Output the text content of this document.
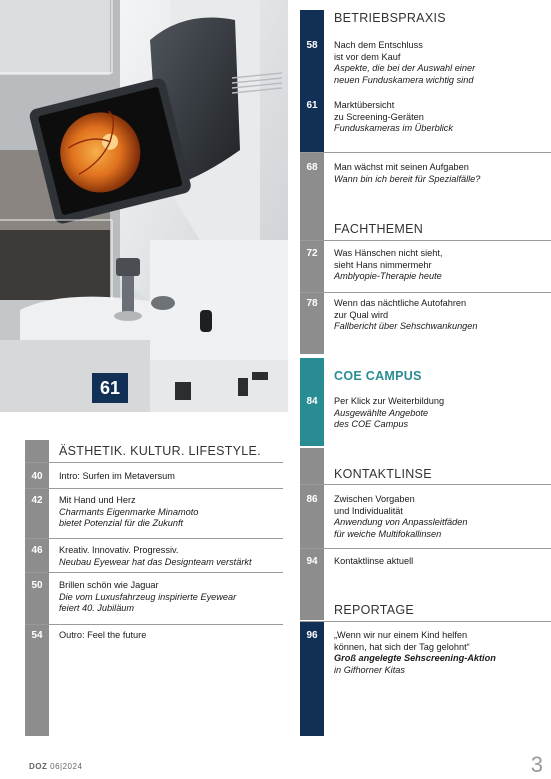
61
BETRIEBSPRAXIS
58	Nach dem Entschluss
ist vor dem Kauf
Aspekte, die bei der Auswahl einer
neuen Funduskamera wichtig sind
61	Marktübersicht
zu Screening-Geräten
Funduskameras im Überblick
68	Man wächst mit seinen Aufgaben
Wann bin ich bereit für Spezialfälle?
FACHTHEMEN
72	Was Hänschen nicht sieht,
sieht Hans nimmermehr
Amblyopie-Therapie heute
78	Wenn das nächtliche Autofahren
zur Qual wird
Fallbericht über Sehschwankungen
COE CAMPUS
84	Per Klick zur Weiterbildung
Ausgewählte Angebote
des COE Campus
KONTAKTLINSE
86	Zwischen Vorgaben
und Individualität
Anwendung von Anpassleitfäden
für weiche Multifokallinsen
94	Kontaktlinse aktuell
REPORTAGE
96	„Wenn wir nur einem Kind helfen
können, hat sich der Tag gelohnt“
Groß angelegte Sehscreening-Aktion
in Gifhorner Kitas
ÄSTHETIK. KULTUR. LIFESTYLE.
40	Intro: Surfen im Metaversum
42	Mit Hand und Herz
Charmants Eigenmarke Minamoto
bietet Potenzial für die Zukunft
46	Kreativ. Innovativ. Progressiv.
Neubau Eyewear hat das Designteam verstärkt
50	Brillen schön wie Jaguar
Die vom Luxusfahrzeug inspirierte Eyewear
feiert 40. Jubiläum
54	Outro: Feel the future
DOZ 06|2024	3
